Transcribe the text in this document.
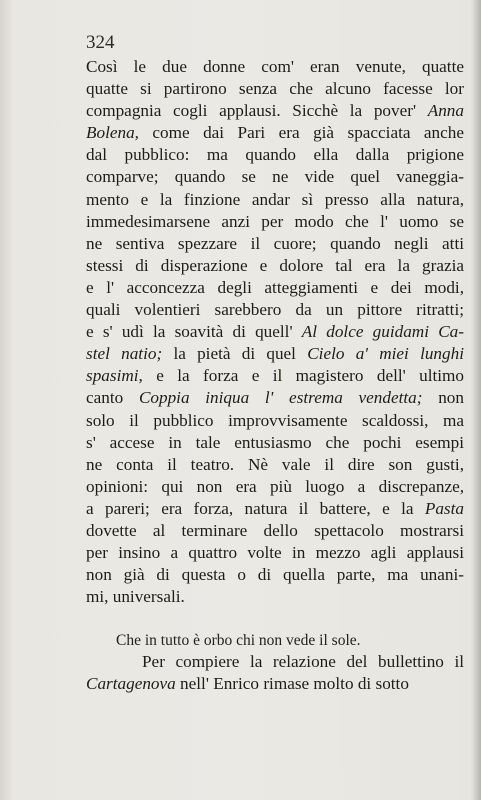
324
Così le due donne com' eran venute, quatte
quatte si partirono senza che alcuno facesse lor
compagnia cogli applausi. Sicchè la pover' Anna
Bolena, come dai Pari era già spacciata anche
dal pubblico: ma quando ella dalla prigione
comparve; quando se ne vide quel vaneggia-
mento e la finzione andar sì presso alla natura,
immedesimarsene anzi per modo che l' uomo se
ne sentiva spezzare il cuore; quando negli atti
stessi di disperazione e dolore tal era la grazia
e l' acconcezza degli atteggiamenti e dei modi,
quali volentieri sarebbero da un pittore ritratti;
e s' udì la soavità di quell' Al dolce guidami Ca-
stel natio; la pietà di quel Cielo a' miei lunghi
spasimi, e la forza e il magistero dell' ultimo
canto Coppia iniqua l' estrema vendetta; non
solo il pubblico improvvisamente scaldossi, ma
s' accese in tale entusiasmo che pochi esempi
ne conta il teatro. Nè vale il dire son gusti,
opinioni: qui non era più luogo a discrepanze,
a pareri; era forza, natura il battere, e la Pasta
dovette al terminare dello spettacolo mostrarsi
per insino a quattro volte in mezzo agli applausi
non già di questa o di quella parte, ma unani-
mi, universali.
Che in tutto è orbo chi non vede il sole.
Per compiere la relazione del bullettino il
Cartagenova nell' Enrico rimase molto di sotto
